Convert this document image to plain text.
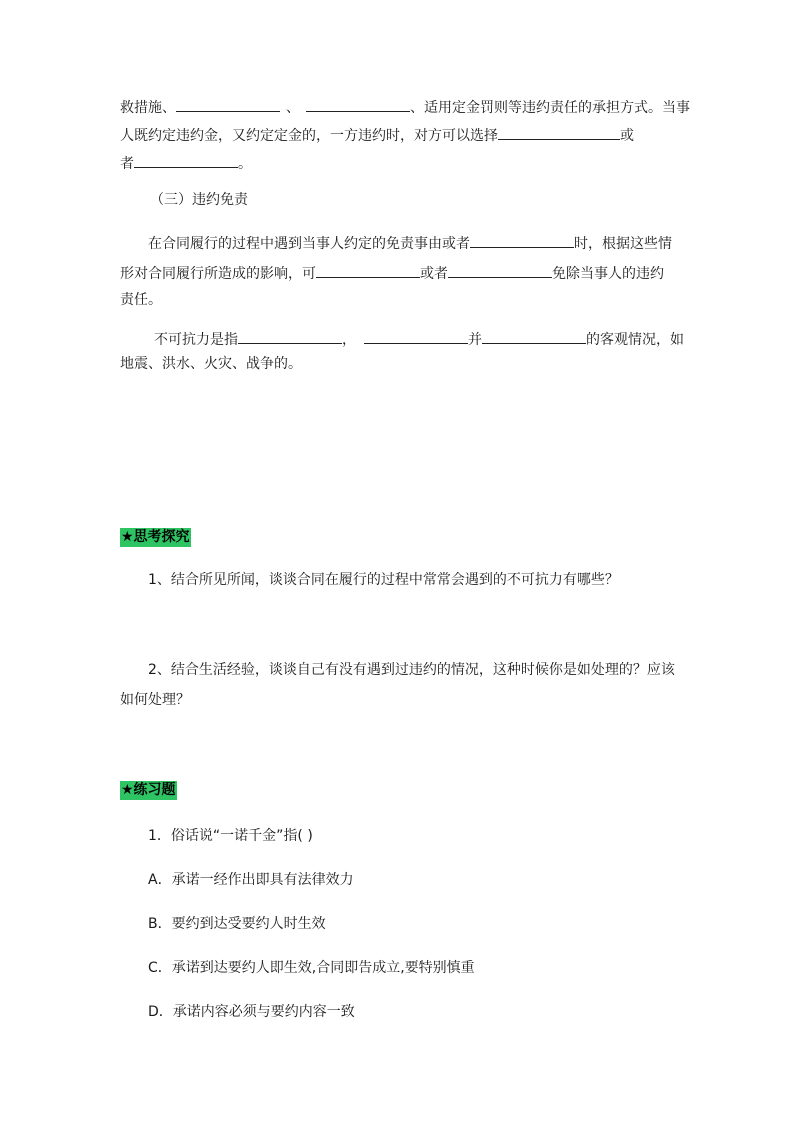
救措施、	、	、适用定金罚则等违约责任的承担方式。当事
人既约定违约金，又约定定金的，一方违约时，对方可以选择	或
者	。
（三）违约免责
在合同履行的过程中遇到当事人约定的免责事由或者	时，根据这些情
形对合同履行所造成的影响，可	或者	免除当事人的违约
责任。
不可抗力是指	，	并	的客观情况，如
地震、洪水、火灾、战争的。
★思考探究
1、结合所见所闻，谈谈合同在履行的过程中常常会遇到的不可抗力有哪些？
2、结合生活经验，谈谈自己有没有遇到过违约的情况，这种时候你是如处理的？应该
如何处理？
★练习题
1．俗话说“一诺千金”指( )
A．承诺一经作出即具有法律效力
B．要约到达受要约人时生效
C．承诺到达要约人即生效,合同即告成立,要特别慎重
D．承诺内容必须与要约内容一致
